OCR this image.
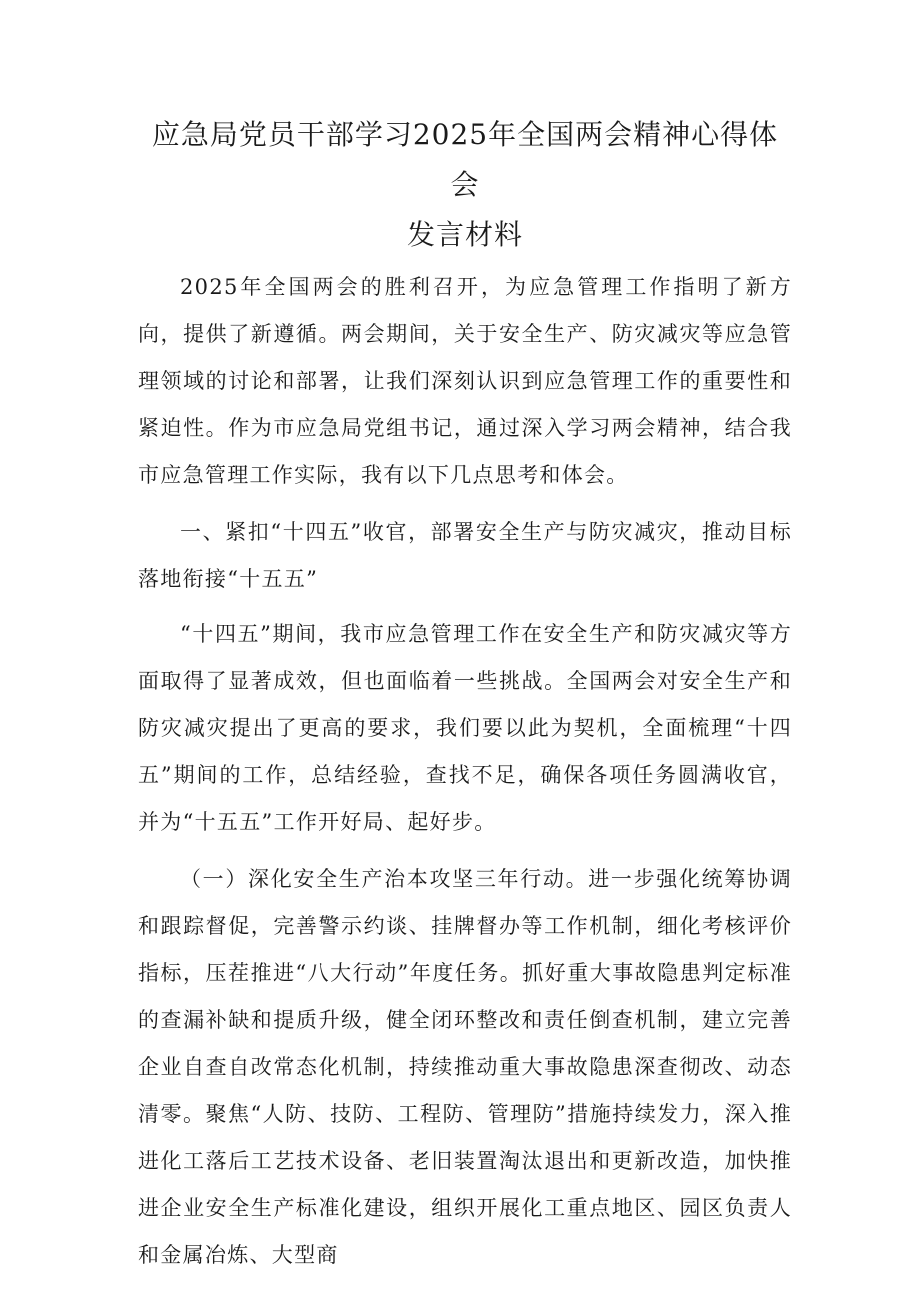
应急局党员干部学习2025年全国两会精神心得体会
发言材料

2025年全国两会的胜利召开，为应急管理工作指明了新方向，提供了新遵循。两会期间，关于安全生产、防灾减灾等应急管理领域的讨论和部署，让我们深刻认识到应急管理工作的重要性和紧迫性。作为市应急局党组书记，通过深入学习两会精神，结合我市应急管理工作实际，我有以下几点思考和体会。

一、紧扣“十四五”收官，部署安全生产与防灾减灾，推动目标落地衔接“十五五”

“十四五”期间，我市应急管理工作在安全生产和防灾减灾等方面取得了显著成效，但也面临着一些挑战。全国两会对安全生产和防灾减灾提出了更高的要求，我们要以此为契机，全面梳理“十四五”期间的工作，总结经验，查找不足，确保各项任务圆满收官，并为“十五五”工作开好局、起好步。

（一）深化安全生产治本攻坚三年行动。进一步强化统筹协调和跟踪督促，完善警示约谈、挂牌督办等工作机制，细化考核评价指标，压茬推进“八大行动”年度任务。抓好重大事故隐患判定标准的查漏补缺和提质升级，健全闭环整改和责任倒查机制，建立完善企业自查自改常态化机制，持续推动重大事故隐患深查彻改、动态清零。聚焦“人防、技防、工程防、管理防”措施持续发力，深入推进化工落后工艺技术设备、老旧装置淘汰退出和更新改造，加快推进企业安全生产标准化建设，组织开展化工重点地区、园区负责人和金属冶炼、大型商
